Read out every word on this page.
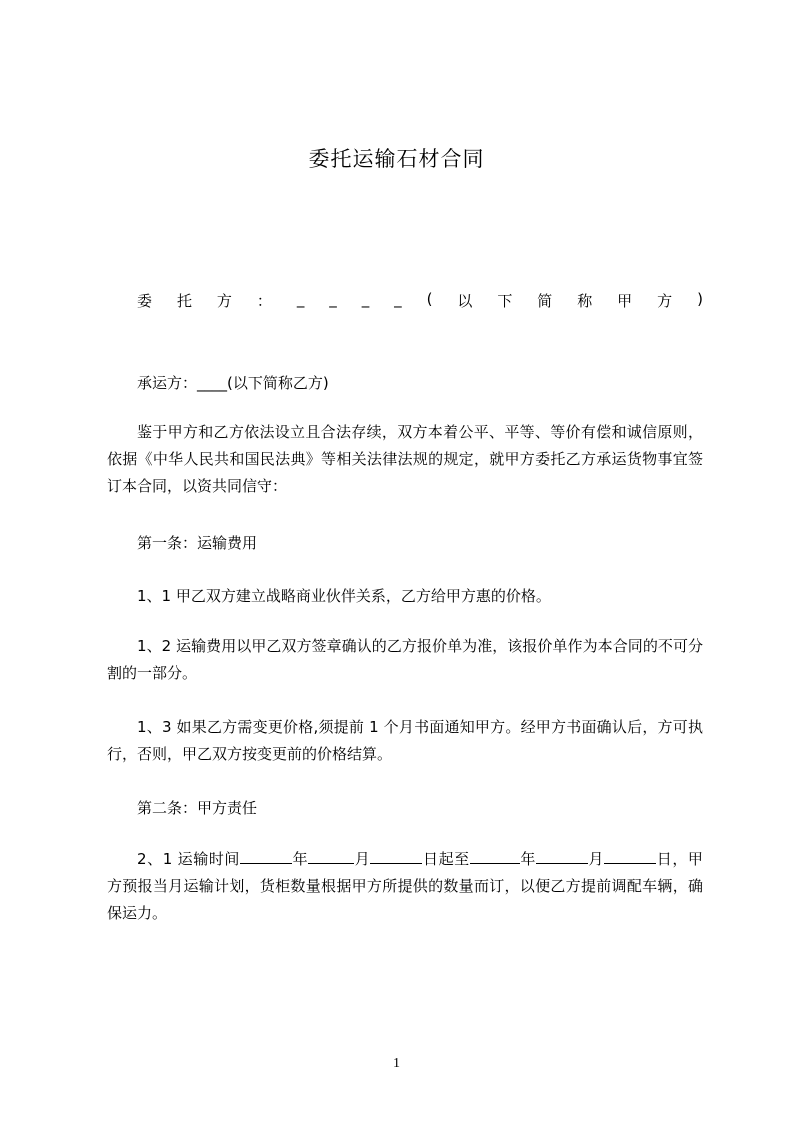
委托运输石材合同
委 托 方 ： _ _ _ _ ( 以 下 简 称 甲 方 )
承运方：____(以下简称乙方)
鉴于甲方和乙方依法设立且合法存续，双方本着公平、平等、等价有偿和诚信原则，依据《中华人民共和国民法典》等相关法律法规的规定，就甲方委托乙方承运货物事宜签订本合同，以资共同信守：
第一条：运输费用
1、1 甲乙双方建立战略商业伙伴关系，乙方给甲方惠的价格。
1、2 运输费用以甲乙双方签章确认的乙方报价单为准，该报价单作为本合同的不可分割的一部分。
1、3 如果乙方需变更价格,须提前 1 个月书面通知甲方。经甲方书面确认后，方可执行，否则，甲乙双方按变更前的价格结算。
第二条：甲方责任
2、1 运输时间	年	月	日起至	年	月	日，甲方预报当月运输计划，货柜数量根据甲方所提供的数量而订，以便乙方提前调配车辆，确保运力。
1
